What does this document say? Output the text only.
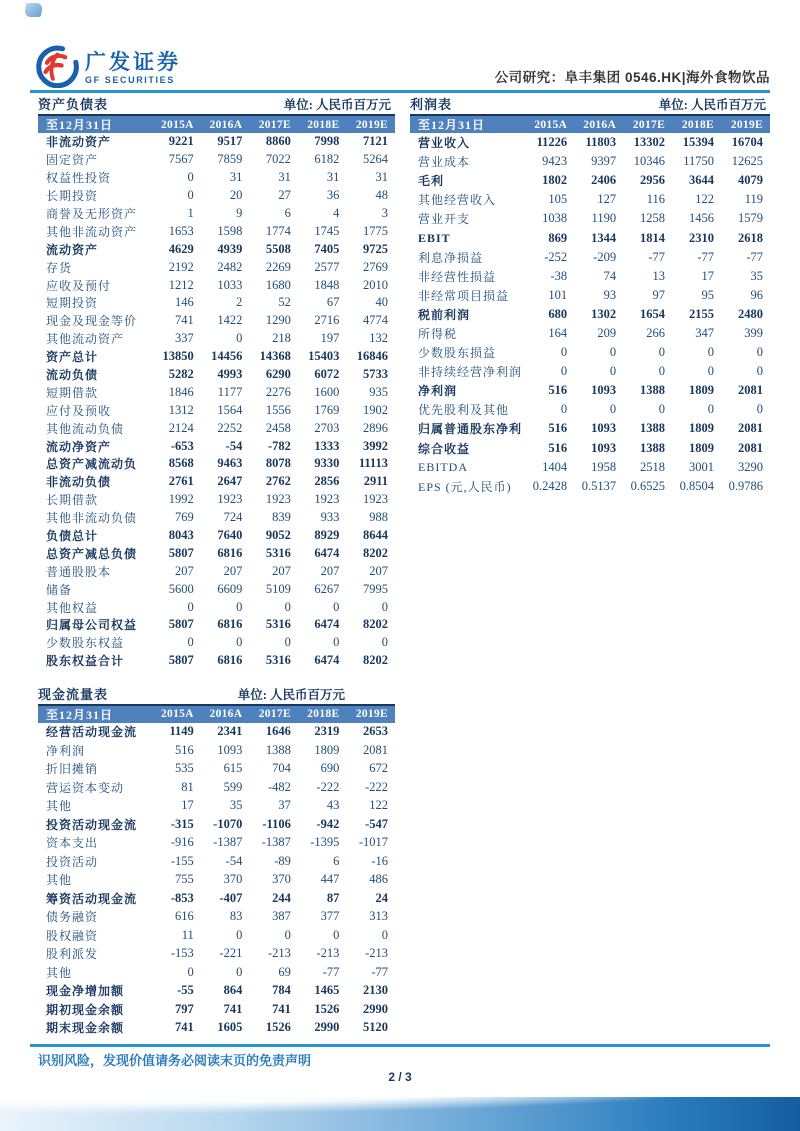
广发证券
GF SECURITIES	公司研究：阜丰集团 0546.HK|海外食物饮品
资产负债表	单位: 人民币百万元
至12月31日	2015A	2016A	2017E	2018E	2019E
非流动资产	9221	9517	8860	7998	7121
固定资产	7567	7859	7022	6182	5264
权益性投资	0	31	31	31	31
长期投资	0	20	27	36	48
商誉及无形资产	1	9	6	4	3
其他非流动资产	1653	1598	1774	1745	1775
流动资产	4629	4939	5508	7405	9725
存货	2192	2482	2269	2577	2769
应收及预付	1212	1033	1680	1848	2010
短期投资	146	2	52	67	40
现金及现金等价	741	1422	1290	2716	4774
其他流动资产	337	0	218	197	132
资产总计	13850	14456	14368	15403	16846
流动负债	5282	4993	6290	6072	5733
短期借款	1846	1177	2276	1600	935
应付及预收	1312	1564	1556	1769	1902
其他流动负债	2124	2252	2458	2703	2896
流动净资产	-653	-54	-782	1333	3992
总资产减流动负	8568	9463	8078	9330	11113
非流动负债	2761	2647	2762	2856	2911
长期借款	1992	1923	1923	1923	1923
其他非流动负债	769	724	839	933	988
负债总计	8043	7640	9052	8929	8644
总资产减总负债	5807	6816	5316	6474	8202
普通股股本	207	207	207	207	207
储备	5600	6609	5109	6267	7995
其他权益	0	0	0	0	0
归属母公司权益	5807	6816	5316	6474	8202
少数股东权益	0	0	0	0	0
股东权益合计	5807	6816	5316	6474	8202
现金流量表	单位: 人民币百万元
至12月31日	2015A	2016A	2017E	2018E	2019E
经营活动现金流	1149	2341	1646	2319	2653
净利润	516	1093	1388	1809	2081
折旧摊销	535	615	704	690	672
营运资本变动	81	599	-482	-222	-222
其他	17	35	37	43	122
投资活动现金流	-315	-1070	-1106	-942	-547
资本支出	-916	-1387	-1387	-1395	-1017
投资活动	-155	-54	-89	6	-16
其他	755	370	370	447	486
筹资活动现金流	-853	-407	244	87	24
债务融资	616	83	387	377	313
股权融资	11	0	0	0	0
股利派发	-153	-221	-213	-213	-213
其他	0	0	69	-77	-77
现金净增加额	-55	864	784	1465	2130
期初现金余额	797	741	741	1526	2990
期末现金余额	741	1605	1526	2990	5120
利润表	单位: 人民币百万元
至12月31日	2015A	2016A	2017E	2018E	2019E
营业收入	11226	11803	13302	15394	16704
营业成本	9423	9397	10346	11750	12625
毛利	1802	2406	2956	3644	4079
其他经营收入	105	127	116	122	119
营业开支	1038	1190	1258	1456	1579
EBIT	869	1344	1814	2310	2618
利息净损益	-252	-209	-77	-77	-77
非经营性损益	-38	74	13	17	35
非经常项目损益	101	93	97	95	96
税前利润	680	1302	1654	2155	2480
所得税	164	209	266	347	399
少数股东损益	0	0	0	0	0
非持续经营净利润	0	0	0	0	0
净利润	516	1093	1388	1809	2081
优先股利及其他	0	0	0	0	0
归属普通股东净利	516	1093	1388	1809	2081
综合收益	516	1093	1388	1809	2081
EBITDA	1404	1958	2518	3001	3290
EPS (元,人民币)	0.2428	0.5137	0.6525	0.8504	0.9786
识别风险，发现价值请务必阅读末页的免责声明
2 / 3
